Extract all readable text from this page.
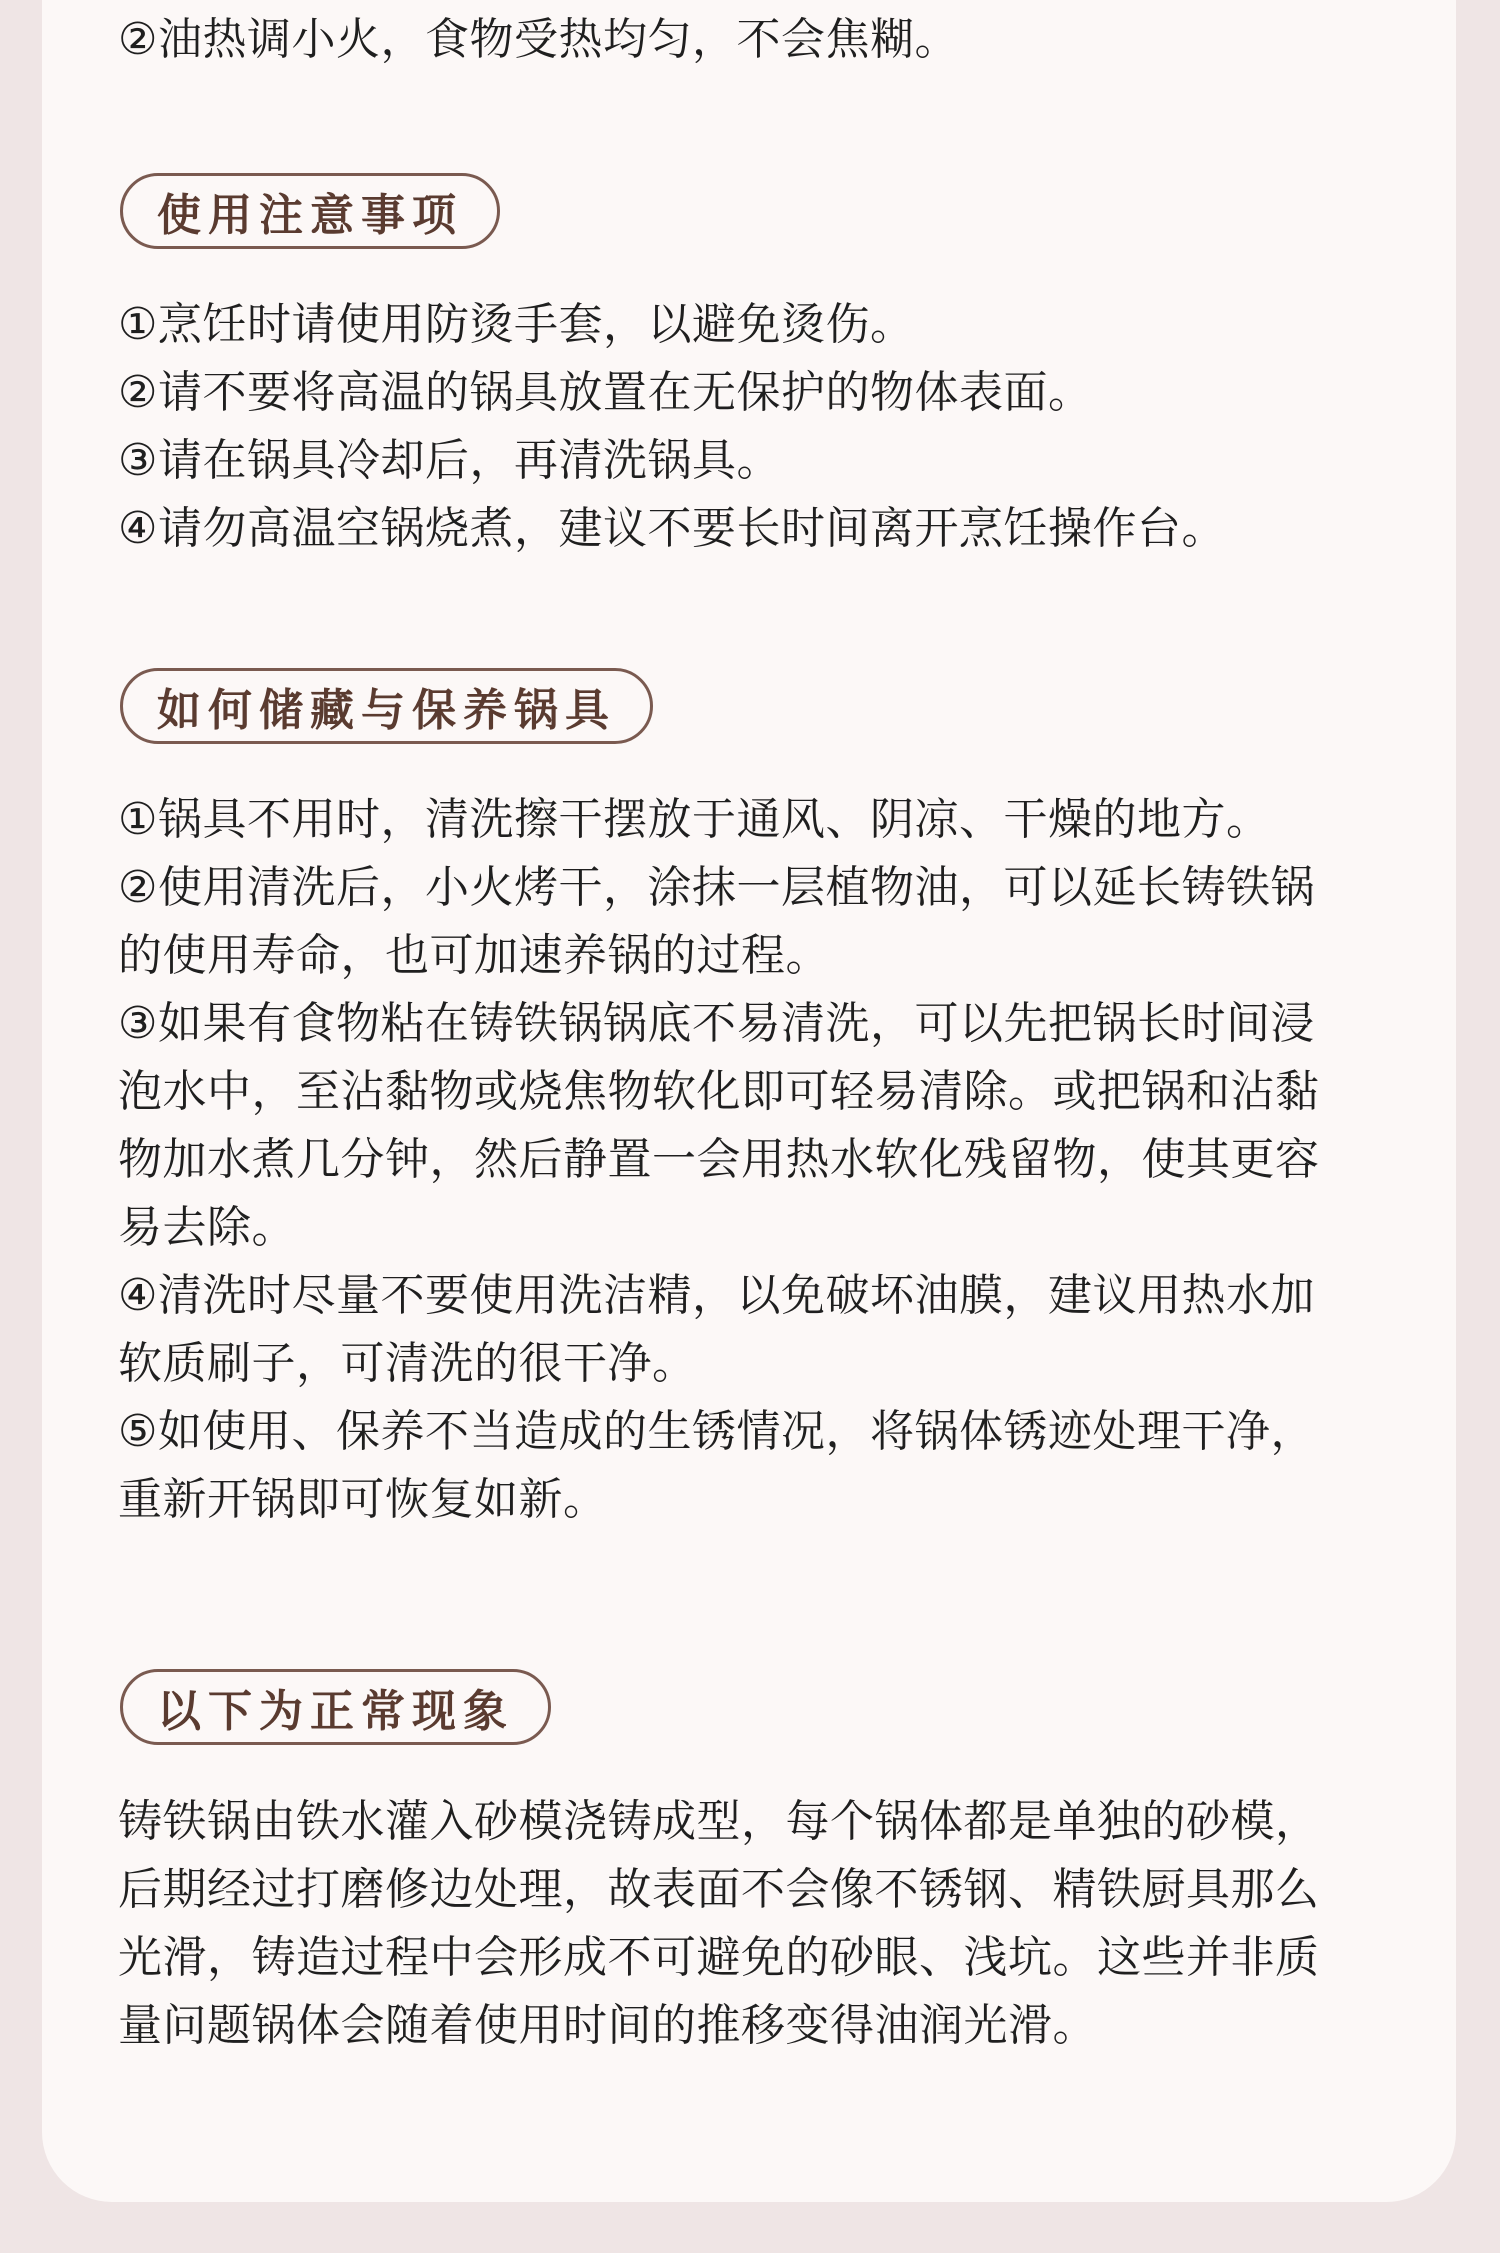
②油热调小火，食物受热均匀，不会焦糊。

使用注意事项

①烹饪时请使用防烫手套，以避免烫伤。

②请不要将高温的锅具放置在无保护的物体表面。

③请在锅具冷却后，再清洗锅具。

④请勿高温空锅烧煮，建议不要长时间离开烹饪操作台。

如何储藏与保养锅具

①锅具不用时，清洗擦干摆放于通风、阴凉、干燥的地方。

②使用清洗后，小火烤干，涂抹一层植物油，可以延长铸铁锅

的使用寿命，也可加速养锅的过程。

③如果有食物粘在铸铁锅锅底不易清洗，可以先把锅长时间浸

泡水中，至沾黏物或烧焦物软化即可轻易清除。或把锅和沾黏

物加水煮几分钟，然后静置一会用热水软化残留物，使其更容

易去除。

④清洗时尽量不要使用洗洁精，以免破坏油膜，建议用热水加

软质刷子，可清洗的很干净。

⑤如使用、保养不当造成的生锈情况，将锅体锈迹处理干净，

重新开锅即可恢复如新。

以下为正常现象

铸铁锅由铁水灌入砂模浇铸成型，每个锅体都是单独的砂模，

后期经过打磨修边处理，故表面不会像不锈钢、精铁厨具那么

光滑，铸造过程中会形成不可避免的砂眼、浅坑。这些并非质

量问题锅体会随着使用时间的推移变得油润光滑。
